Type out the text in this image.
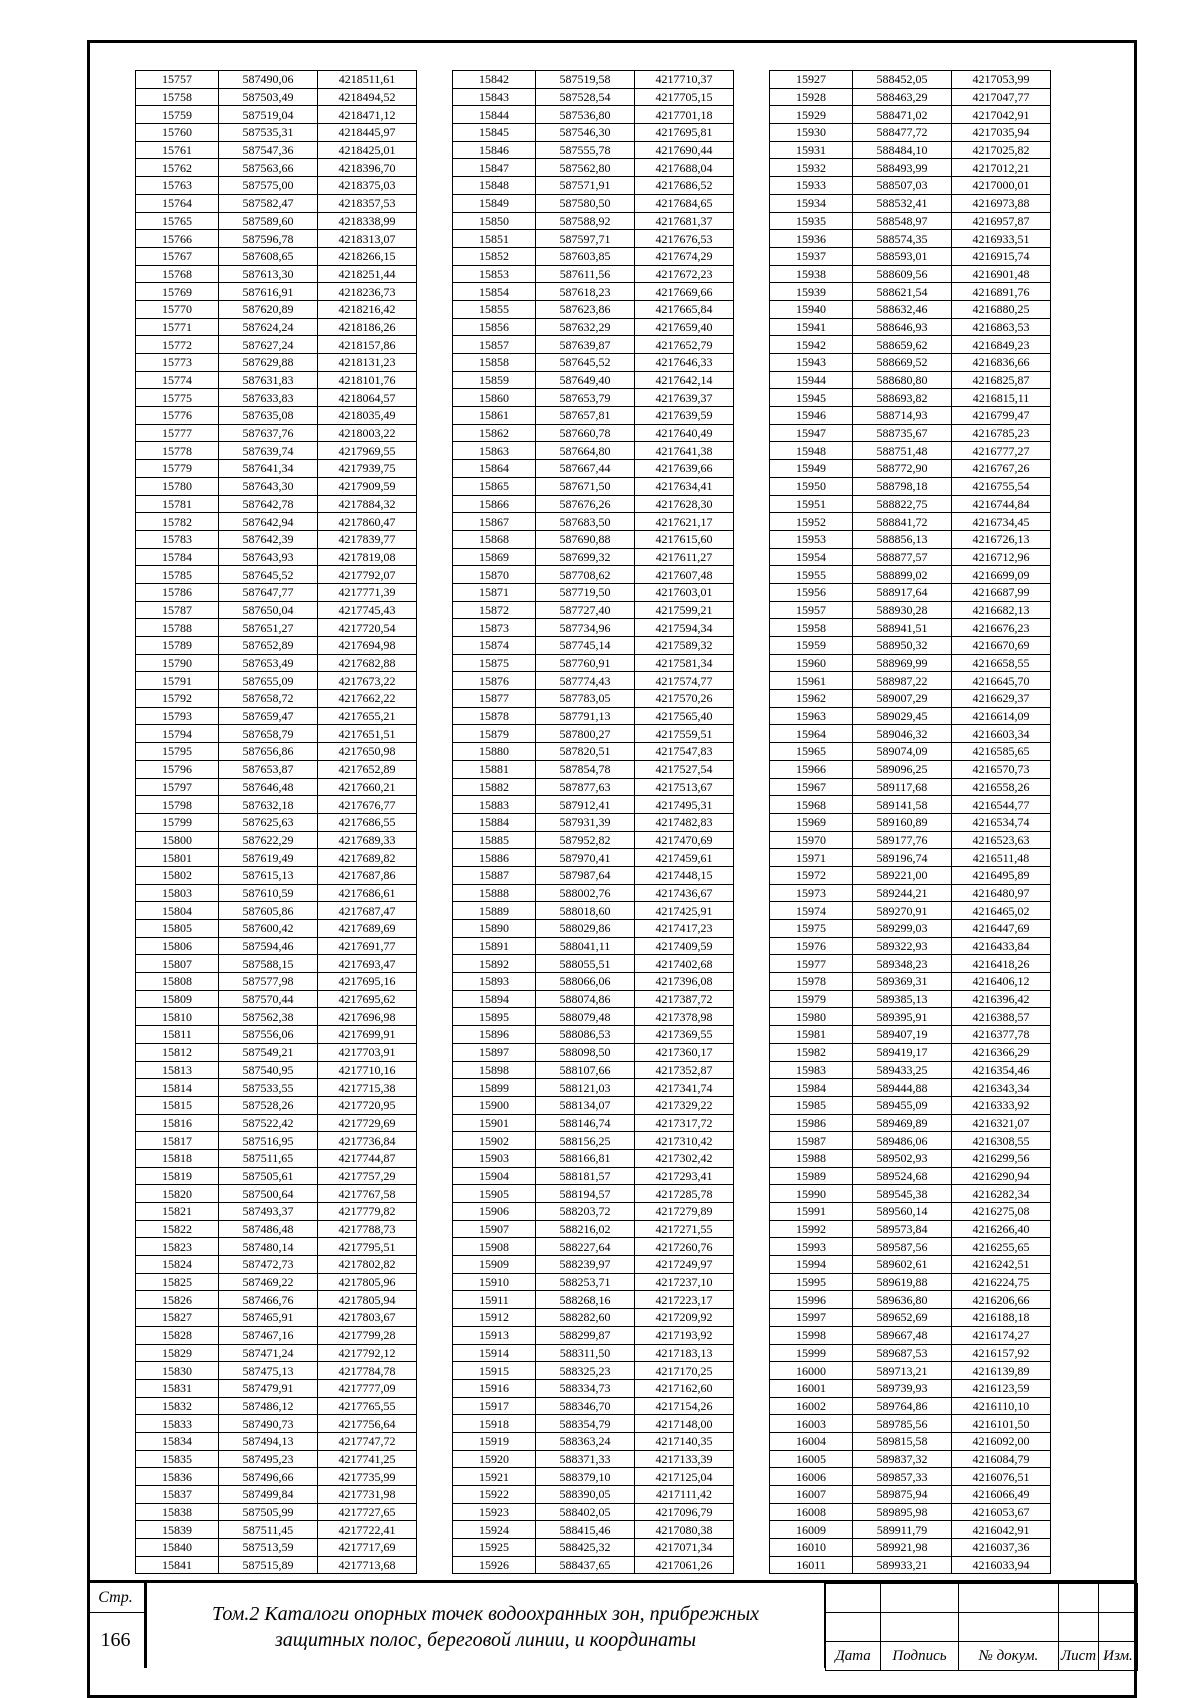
15757	587490,06	4218511,61
15758	587503,49	4218494,52
15759	587519,04	4218471,12
15760	587535,31	4218445,97
15761	587547,36	4218425,01
15762	587563,66	4218396,70
15763	587575,00	4218375,03
15764	587582,47	4218357,53
15765	587589,60	4218338,99
15766	587596,78	4218313,07
15767	587608,65	4218266,15
15768	587613,30	4218251,44
15769	587616,91	4218236,73
15770	587620,89	4218216,42
15771	587624,24	4218186,26
15772	587627,24	4218157,86
15773	587629,88	4218131,23
15774	587631,83	4218101,76
15775	587633,83	4218064,57
15776	587635,08	4218035,49
15777	587637,76	4218003,22
15778	587639,74	4217969,55
15779	587641,34	4217939,75
15780	587643,30	4217909,59
15781	587642,78	4217884,32
15782	587642,94	4217860,47
15783	587642,39	4217839,77
15784	587643,93	4217819,08
15785	587645,52	4217792,07
15786	587647,77	4217771,39
15787	587650,04	4217745,43
15788	587651,27	4217720,54
15789	587652,89	4217694,98
15790	587653,49	4217682,88
15791	587655,09	4217673,22
15792	587658,72	4217662,22
15793	587659,47	4217655,21
15794	587658,79	4217651,51
15795	587656,86	4217650,98
15796	587653,87	4217652,89
15797	587646,48	4217660,21
15798	587632,18	4217676,77
15799	587625,63	4217686,55
15800	587622,29	4217689,33
15801	587619,49	4217689,82
15802	587615,13	4217687,86
15803	587610,59	4217686,61
15804	587605,86	4217687,47
15805	587600,42	4217689,69
15806	587594,46	4217691,77
15807	587588,15	4217693,47
15808	587577,98	4217695,16
15809	587570,44	4217695,62
15810	587562,38	4217696,98
15811	587556,06	4217699,91
15812	587549,21	4217703,91
15813	587540,95	4217710,16
15814	587533,55	4217715,38
15815	587528,26	4217720,95
15816	587522,42	4217729,69
15817	587516,95	4217736,84
15818	587511,65	4217744,87
15819	587505,61	4217757,29
15820	587500,64	4217767,58
15821	587493,37	4217779,82
15822	587486,48	4217788,73
15823	587480,14	4217795,51
15824	587472,73	4217802,82
15825	587469,22	4217805,96
15826	587466,76	4217805,94
15827	587465,91	4217803,67
15828	587467,16	4217799,28
15829	587471,24	4217792,12
15830	587475,13	4217784,78
15831	587479,91	4217777,09
15832	587486,12	4217765,55
15833	587490,73	4217756,64
15834	587494,13	4217747,72
15835	587495,23	4217741,25
15836	587496,66	4217735,99
15837	587499,84	4217731,98
15838	587505,99	4217727,65
15839	587511,45	4217722,41
15840	587513,59	4217717,69
15841	587515,89	4217713,68
15842	587519,58	4217710,37
15843	587528,54	4217705,15
15844	587536,80	4217701,18
15845	587546,30	4217695,81
15846	587555,78	4217690,44
15847	587562,80	4217688,04
15848	587571,91	4217686,52
15849	587580,50	4217684,65
15850	587588,92	4217681,37
15851	587597,71	4217676,53
15852	587603,85	4217674,29
15853	587611,56	4217672,23
15854	587618,23	4217669,66
15855	587623,86	4217665,84
15856	587632,29	4217659,40
15857	587639,87	4217652,79
15858	587645,52	4217646,33
15859	587649,40	4217642,14
15860	587653,79	4217639,37
15861	587657,81	4217639,59
15862	587660,78	4217640,49
15863	587664,80	4217641,38
15864	587667,44	4217639,66
15865	587671,50	4217634,41
15866	587676,26	4217628,30
15867	587683,50	4217621,17
15868	587690,88	4217615,60
15869	587699,32	4217611,27
15870	587708,62	4217607,48
15871	587719,50	4217603,01
15872	587727,40	4217599,21
15873	587734,96	4217594,34
15874	587745,14	4217589,32
15875	587760,91	4217581,34
15876	587774,43	4217574,77
15877	587783,05	4217570,26
15878	587791,13	4217565,40
15879	587800,27	4217559,51
15880	587820,51	4217547,83
15881	587854,78	4217527,54
15882	587877,63	4217513,67
15883	587912,41	4217495,31
15884	587931,39	4217482,83
15885	587952,82	4217470,69
15886	587970,41	4217459,61
15887	587987,64	4217448,15
15888	588002,76	4217436,67
15889	588018,60	4217425,91
15890	588029,86	4217417,23
15891	588041,11	4217409,59
15892	588055,51	4217402,68
15893	588066,06	4217396,08
15894	588074,86	4217387,72
15895	588079,48	4217378,98
15896	588086,53	4217369,55
15897	588098,50	4217360,17
15898	588107,66	4217352,87
15899	588121,03	4217341,74
15900	588134,07	4217329,22
15901	588146,74	4217317,72
15902	588156,25	4217310,42
15903	588166,81	4217302,42
15904	588181,57	4217293,41
15905	588194,57	4217285,78
15906	588203,72	4217279,89
15907	588216,02	4217271,55
15908	588227,64	4217260,76
15909	588239,97	4217249,97
15910	588253,71	4217237,10
15911	588268,16	4217223,17
15912	588282,60	4217209,92
15913	588299,87	4217193,92
15914	588311,50	4217183,13
15915	588325,23	4217170,25
15916	588334,73	4217162,60
15917	588346,70	4217154,26
15918	588354,79	4217148,00
15919	588363,24	4217140,35
15920	588371,33	4217133,39
15921	588379,10	4217125,04
15922	588390,05	4217111,42
15923	588402,05	4217096,79
15924	588415,46	4217080,38
15925	588425,32	4217071,34
15926	588437,65	4217061,26
15927	588452,05	4217053,99
15928	588463,29	4217047,77
15929	588471,02	4217042,91
15930	588477,72	4217035,94
15931	588484,10	4217025,82
15932	588493,99	4217012,21
15933	588507,03	4217000,01
15934	588532,41	4216973,88
15935	588548,97	4216957,87
15936	588574,35	4216933,51
15937	588593,01	4216915,74
15938	588609,56	4216901,48
15939	588621,54	4216891,76
15940	588632,46	4216880,25
15941	588646,93	4216863,53
15942	588659,62	4216849,23
15943	588669,52	4216836,66
15944	588680,80	4216825,87
15945	588693,82	4216815,11
15946	588714,93	4216799,47
15947	588735,67	4216785,23
15948	588751,48	4216777,27
15949	588772,90	4216767,26
15950	588798,18	4216755,54
15951	588822,75	4216744,84
15952	588841,72	4216734,45
15953	588856,13	4216726,13
15954	588877,57	4216712,96
15955	588899,02	4216699,09
15956	588917,64	4216687,99
15957	588930,28	4216682,13
15958	588941,51	4216676,23
15959	588950,32	4216670,69
15960	588969,99	4216658,55
15961	588987,22	4216645,70
15962	589007,29	4216629,37
15963	589029,45	4216614,09
15964	589046,32	4216603,34
15965	589074,09	4216585,65
15966	589096,25	4216570,73
15967	589117,68	4216558,26
15968	589141,58	4216544,77
15969	589160,89	4216534,74
15970	589177,76	4216523,63
15971	589196,74	4216511,48
15972	589221,00	4216495,89
15973	589244,21	4216480,97
15974	589270,91	4216465,02
15975	589299,03	4216447,69
15976	589322,93	4216433,84
15977	589348,23	4216418,26
15978	589369,31	4216406,12
15979	589385,13	4216396,42
15980	589395,91	4216388,57
15981	589407,19	4216377,78
15982	589419,17	4216366,29
15983	589433,25	4216354,46
15984	589444,88	4216343,34
15985	589455,09	4216333,92
15986	589469,89	4216321,07
15987	589486,06	4216308,55
15988	589502,93	4216299,56
15989	589524,68	4216290,94
15990	589545,38	4216282,34
15991	589560,14	4216275,08
15992	589573,84	4216266,40
15993	589587,56	4216255,65
15994	589602,61	4216242,51
15995	589619,88	4216224,75
15996	589636,80	4216206,66
15997	589652,69	4216188,18
15998	589667,48	4216174,27
15999	589687,53	4216157,92
16000	589713,21	4216139,89
16001	589739,93	4216123,59
16002	589764,86	4216110,10
16003	589785,56	4216101,50
16004	589815,58	4216092,00
16005	589837,32	4216084,79
16006	589857,33	4216076,51
16007	589875,94	4216066,49
16008	589895,98	4216053,67
16009	589911,79	4216042,91
16010	589921,98	4216037,36
16011	589933,21	4216033,94
Стр.
166
Том.2 Каталоги опорных точек водоохранных зон, прибрежных
защитных полос, береговой линии, и координаты

Дата	Подпись	№ докум.	Лист	Изм.
